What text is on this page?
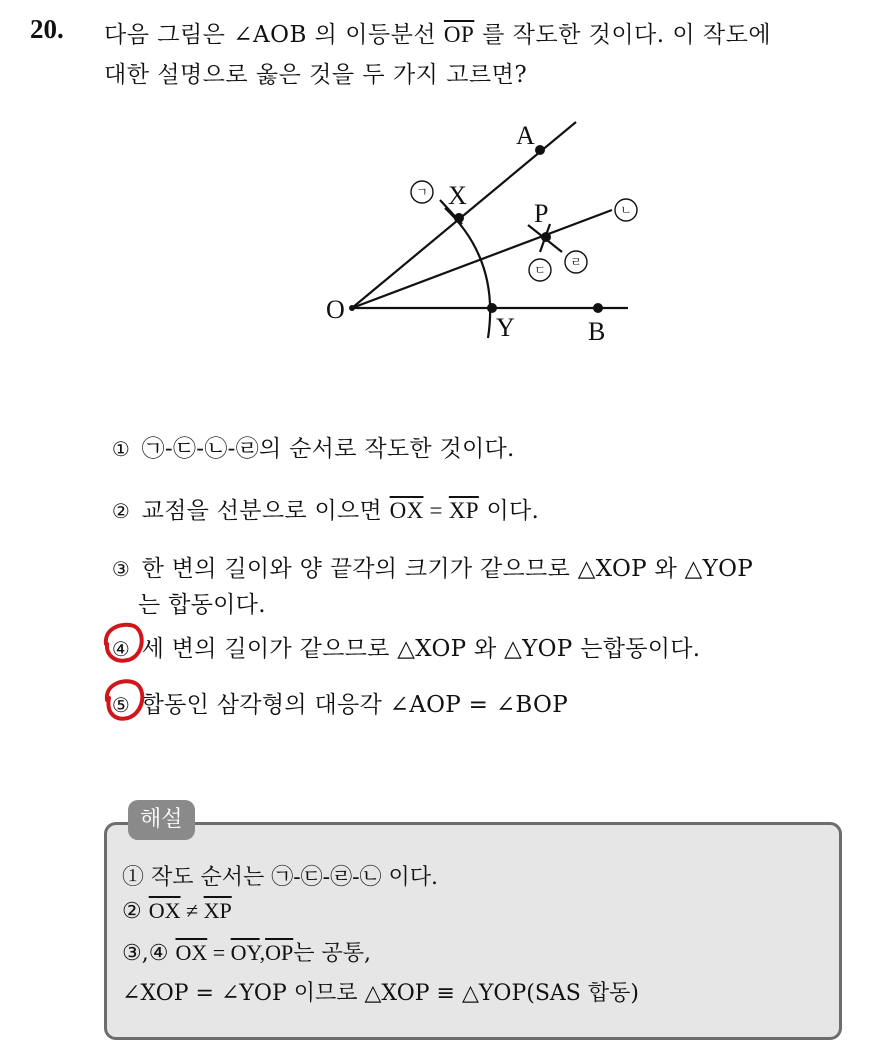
20. 다음 그림은 ∠AOB 의 이등분선 $\overline{OP}$ 를 작도한 것이다. 이 작도에
대한 설명으로 옳은 것을 두 가지 고르면?
A
O
X
P
Y	B
ㄱ
ㄴ
ㄷ
ㄹ
① ㉠-㉢-㉡-㉣의 순서로 작도한 것이다.
② 교점을 선분으로 이으면 $\overline{OX} = \overline{XP}$ 이다.
③ 한 변의 길이와 양 끝각의 크기가 같으므로 △XOP 와 △YOP
는 합동이다.
④ 세 변의 길이가 같으므로 △XOP 와 △YOP 는합동이다.
⑤ 합동인 삼각형의 대응각 ∠AOP = ∠BOP
해설
① 작도 순서는 ㉠-㉢-㉣-㉡ 이다.
② $\overline{OX} \ne \overline{XP}$
③,④ $\overline{OX} = \overline{OY},\overline{OP}$는 공통,
∠XOP = ∠YOP 이므로 △XOP ≡ △YOP(SAS 합동)
